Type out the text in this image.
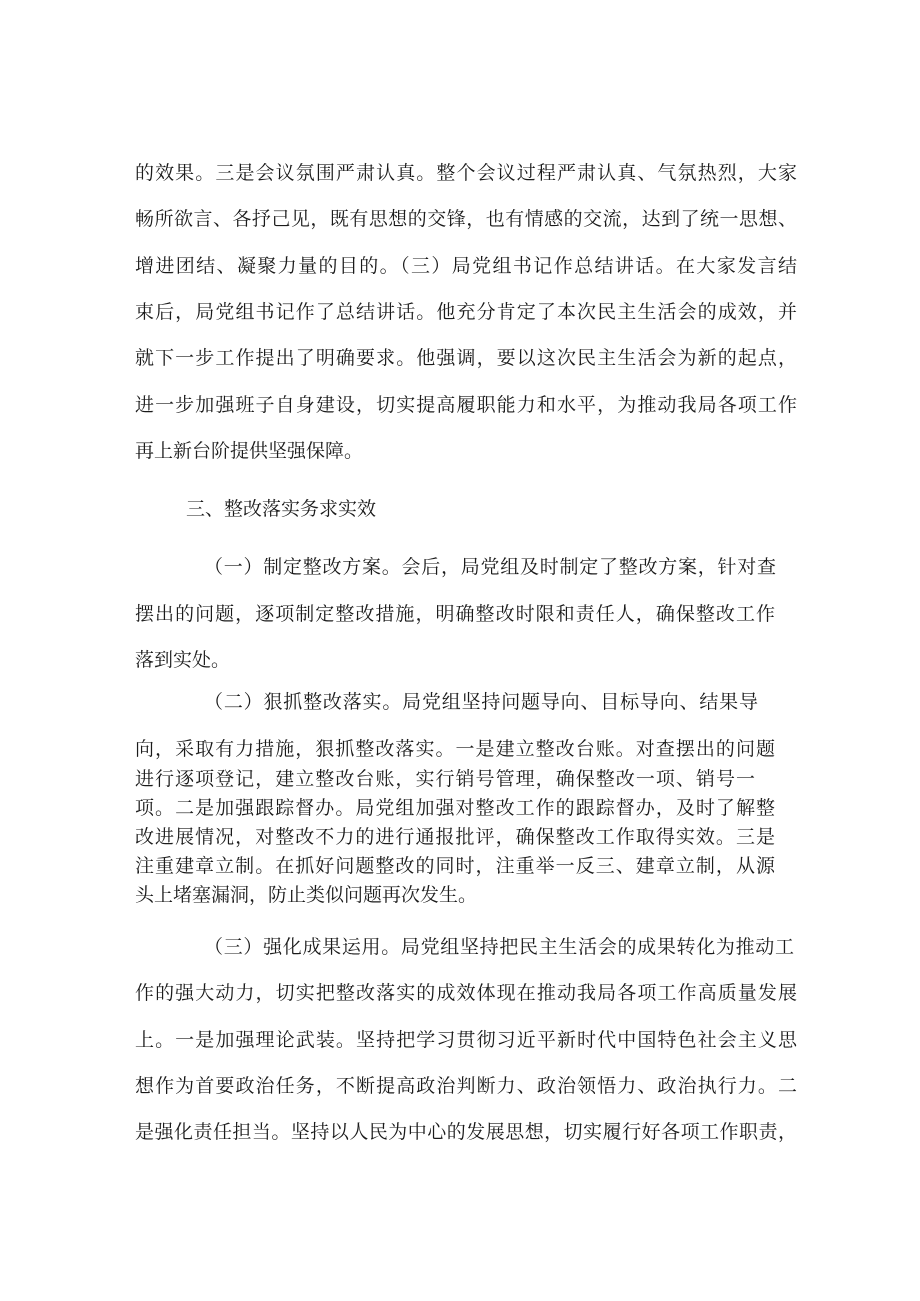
的效果。三是会议氛围严肃认真。整个会议过程严肃认真、气氛热烈，大家
畅所欲言、各抒己见，既有思想的交锋，也有情感的交流，达到了统一思想、
增进团结、凝聚力量的目的。（三）局党组书记作总结讲话。在大家发言结
束后，局党组书记作了总结讲话。他充分肯定了本次民主生活会的成效，并
就下一步工作提出了明确要求。他强调，要以这次民主生活会为新的起点，
进一步加强班子自身建设，切实提高履职能力和水平，为推动我局各项工作
再上新台阶提供坚强保障。
三、整改落实务求实效
（一）制定整改方案。会后，局党组及时制定了整改方案，针对查
摆出的问题，逐项制定整改措施，明确整改时限和责任人，确保整改工作
落到实处。
（二）狠抓整改落实。局党组坚持问题导向、目标导向、结果导
向，采取有力措施，狠抓整改落实。一是建立整改台账。对查摆出的问题
进行逐项登记，建立整改台账，实行销号管理，确保整改一项、销号一
项。二是加强跟踪督办。局党组加强对整改工作的跟踪督办，及时了解整
改进展情况，对整改不力的进行通报批评，确保整改工作取得实效。三是
注重建章立制。在抓好问题整改的同时，注重举一反三、建章立制，从源
头上堵塞漏洞，防止类似问题再次发生。
（三）强化成果运用。局党组坚持把民主生活会的成果转化为推动工
作的强大动力，切实把整改落实的成效体现在推动我局各项工作高质量发展
上。一是加强理论武装。坚持把学习贯彻习近平新时代中国特色社会主义思
想作为首要政治任务，不断提高政治判断力、政治领悟力、政治执行力。二
是强化责任担当。坚持以人民为中心的发展思想，切实履行好各项工作职责，
